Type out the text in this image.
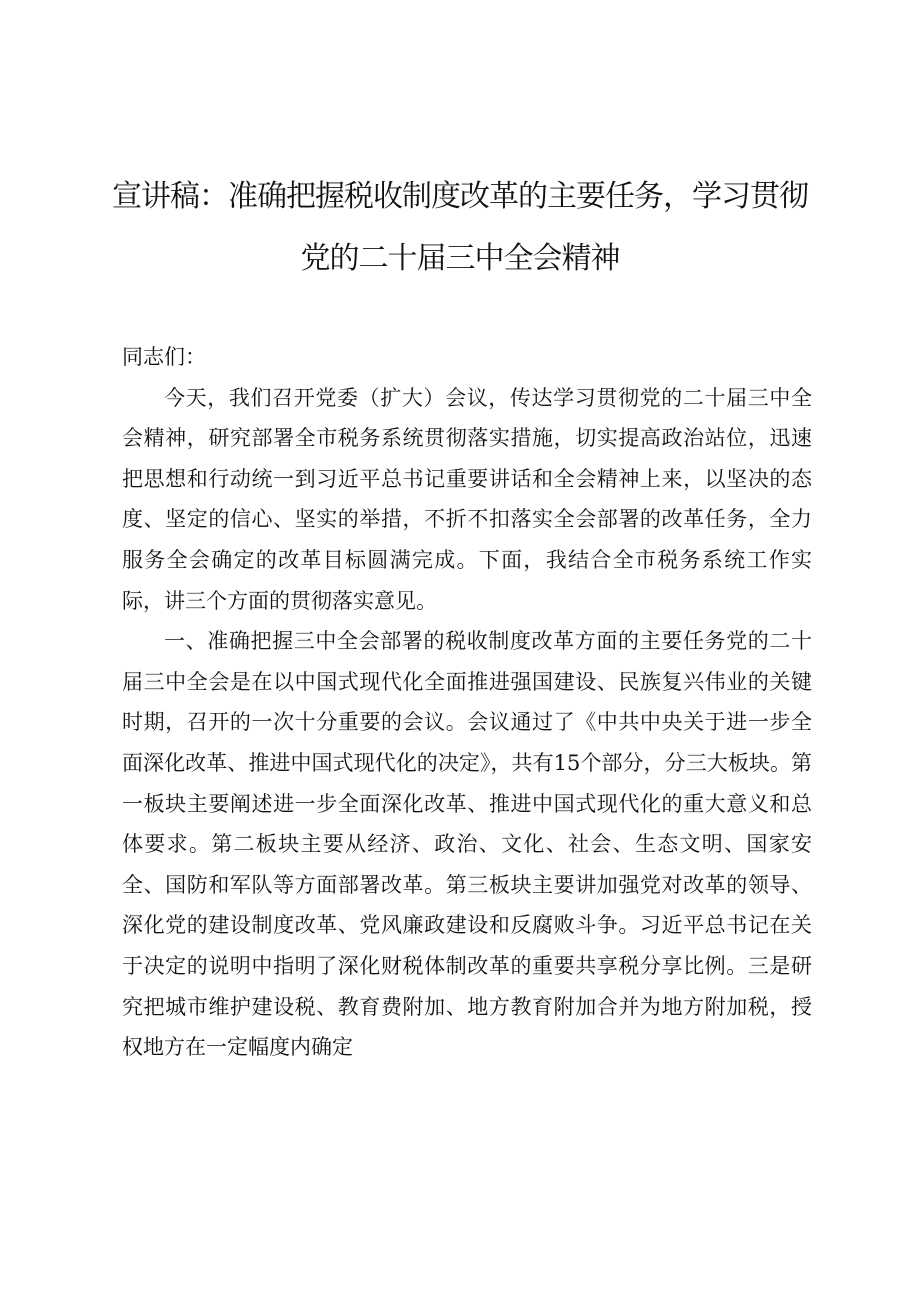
宣讲稿：准确把握税收制度改革的主要任务，学习贯彻
党的二十届三中全会精神

同志们：

今天，我们召开党委（扩大）会议，传达学习贯彻党的二十届三中全会精神，研究部署全市税务系统贯彻落实措施，切实提高政治站位，迅速把思想和行动统一到习近平总书记重要讲话和全会精神上来，以坚决的态度、坚定的信心、坚实的举措，不折不扣落实全会部署的改革任务，全力服务全会确定的改革目标圆满完成。下面，我结合全市税务系统工作实际，讲三个方面的贯彻落实意见。

一、准确把握三中全会部署的税收制度改革方面的主要任务党的二十届三中全会是在以中国式现代化全面推进强国建设、民族复兴伟业的关键时期，召开的一次十分重要的会议。会议通过了《中共中央关于进一步全面深化改革、推进中国式现代化的决定》，共有15个部分，分三大板块。第一板块主要阐述进一步全面深化改革、推进中国式现代化的重大意义和总体要求。第二板块主要从经济、政治、文化、社会、生态文明、国家安全、国防和军队等方面部署改革。第三板块主要讲加强党对改革的领导、深化党的建设制度改革、党风廉政建设和反腐败斗争。习近平总书记在关于决定的说明中指明了深化财税体制改革的重要共享税分享比例。三是研究把城市维护建设税、教育费附加、地方教育附加合并为地方附加税，授权地方在一定幅度内确定
